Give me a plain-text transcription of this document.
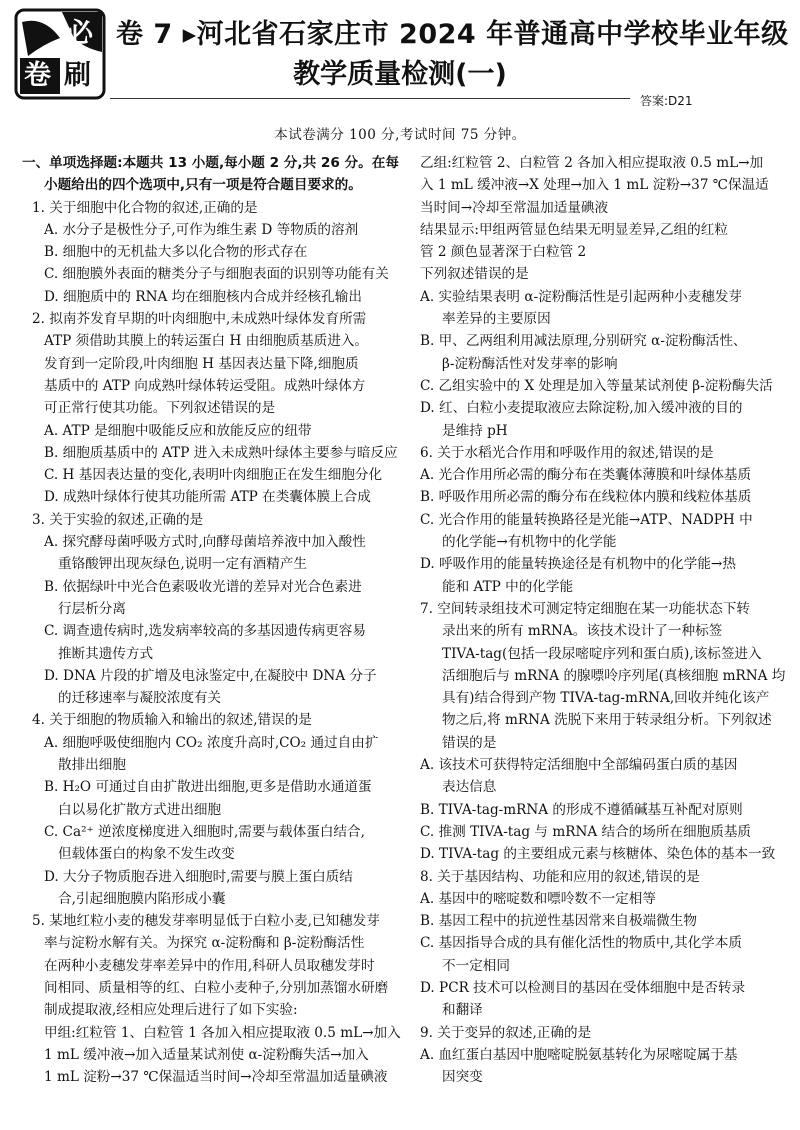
必
卷 刷
卷 7 ▸河北省石家庄市 2024 年普通高中学校毕业年级
教学质量检测(一)
答案:D21
本试卷满分 100 分,考试时间 75 分钟。
一、单项选择题:本题共 13 小题,每小题 2 分,共 26 分。在每
小题给出的四个选项中,只有一项是符合题目要求的。
1. 关于细胞中化合物的叙述,正确的是
A. 水分子是极性分子,可作为维生素 D 等物质的溶剂
B. 细胞中的无机盐大多以化合物的形式存在
C. 细胞膜外表面的糖类分子与细胞表面的识别等功能有关
D. 细胞质中的 RNA 均在细胞核内合成并经核孔输出
2. 拟南芥发育早期的叶肉细胞中,未成熟叶绿体发育所需
ATP 须借助其膜上的转运蛋白 H 由细胞质基质进入。
发育到一定阶段,叶肉细胞 H 基因表达量下降,细胞质
基质中的 ATP 向成熟叶绿体转运受阻。成熟叶绿体方
可正常行使其功能。下列叙述错误的是
A. ATP 是细胞中吸能反应和放能反应的纽带
B. 细胞质基质中的 ATP 进入未成熟叶绿体主要参与暗反应
C. H 基因表达量的变化,表明叶肉细胞正在发生细胞分化
D. 成熟叶绿体行使其功能所需 ATP 在类囊体膜上合成
3. 关于实验的叙述,正确的是
A. 探究酵母菌呼吸方式时,向酵母菌培养液中加入酸性
重铬酸钾出现灰绿色,说明一定有酒精产生
B. 依据绿叶中光合色素吸收光谱的差异对光合色素进
行层析分离
C. 调查遗传病时,选发病率较高的多基因遗传病更容易
推断其遗传方式
D. DNA 片段的扩增及电泳鉴定中,在凝胶中 DNA 分子
的迁移速率与凝胶浓度有关
4. 关于细胞的物质输入和输出的叙述,错误的是
A. 细胞呼吸使细胞内 CO₂ 浓度升高时,CO₂ 通过自由扩
散排出细胞
B. H₂O 可通过自由扩散进出细胞,更多是借助水通道蛋
白以易化扩散方式进出细胞
C. Ca²⁺ 逆浓度梯度进入细胞时,需要与载体蛋白结合,
但载体蛋白的构象不发生改变
D. 大分子物质胞吞进入细胞时,需要与膜上蛋白质结
合,引起细胞膜内陷形成小囊
5. 某地红粒小麦的穗发芽率明显低于白粒小麦,已知穗发芽
率与淀粉水解有关。为探究 α-淀粉酶和 β-淀粉酶活性
在两种小麦穗发芽率差异中的作用,科研人员取穗发芽时
间相同、质量相等的红、白粒小麦种子,分别加蒸馏水研磨
制成提取液,经相应处理后进行了如下实验:
甲组:红粒管 1、白粒管 1 各加入相应提取液 0.5 mL→加入
1 mL 缓冲液→加入适量某试剂使 α-淀粉酶失活→加入
1 mL 淀粉→37 ℃保温适当时间→冷却至常温加适量碘液
乙组:红粒管 2、白粒管 2 各加入相应提取液 0.5 mL→加
入 1 mL 缓冲液→X 处理→加入 1 mL 淀粉→37 ℃保温适
当时间→冷却至常温加适量碘液
结果显示:甲组两管显色结果无明显差异,乙组的红粒
管 2 颜色显著深于白粒管 2
下列叙述错误的是
A. 实验结果表明 α-淀粉酶活性是引起两种小麦穗发芽
率差异的主要原因
B. 甲、乙两组利用减法原理,分别研究 α-淀粉酶活性、
β-淀粉酶活性对发芽率的影响
C. 乙组实验中的 X 处理是加入等量某试剂使 β-淀粉酶失活
D. 红、白粒小麦提取液应去除淀粉,加入缓冲液的目的
是维持 pH
6. 关于水稻光合作用和呼吸作用的叙述,错误的是
A. 光合作用所必需的酶分布在类囊体薄膜和叶绿体基质
B. 呼吸作用所必需的酶分布在线粒体内膜和线粒体基质
C. 光合作用的能量转换路径是光能→ATP、NADPH 中
的化学能→有机物中的化学能
D. 呼吸作用的能量转换途径是有机物中的化学能→热
能和 ATP 中的化学能
7. 空间转录组技术可测定特定细胞在某一功能状态下转
录出来的所有 mRNA。该技术设计了一种标签
TIVA-tag(包括一段尿嘧啶序列和蛋白质),该标签进入
活细胞后与 mRNA 的腺嘌呤序列尾(真核细胞 mRNA 均
具有)结合得到产物 TIVA-tag-mRNA,回收并纯化该产
物之后,将 mRNA 洗脱下来用于转录组分析。下列叙述
错误的是
A. 该技术可获得特定活细胞中全部编码蛋白质的基因
表达信息
B. TIVA-tag-mRNA 的形成不遵循碱基互补配对原则
C. 推测 TIVA-tag 与 mRNA 结合的场所在细胞质基质
D. TIVA-tag 的主要组成元素与核糖体、染色体的基本一致
8. 关于基因结构、功能和应用的叙述,错误的是
A. 基因中的嘧啶数和嘌呤数不一定相等
B. 基因工程中的抗逆性基因常来自极端微生物
C. 基因指导合成的具有催化活性的物质中,其化学本质
不一定相同
D. PCR 技术可以检测目的基因在受体细胞中是否转录
和翻译
9. 关于变异的叙述,正确的是
A. 血红蛋白基因中胞嘧啶脱氨基转化为尿嘧啶属于基
因突变
